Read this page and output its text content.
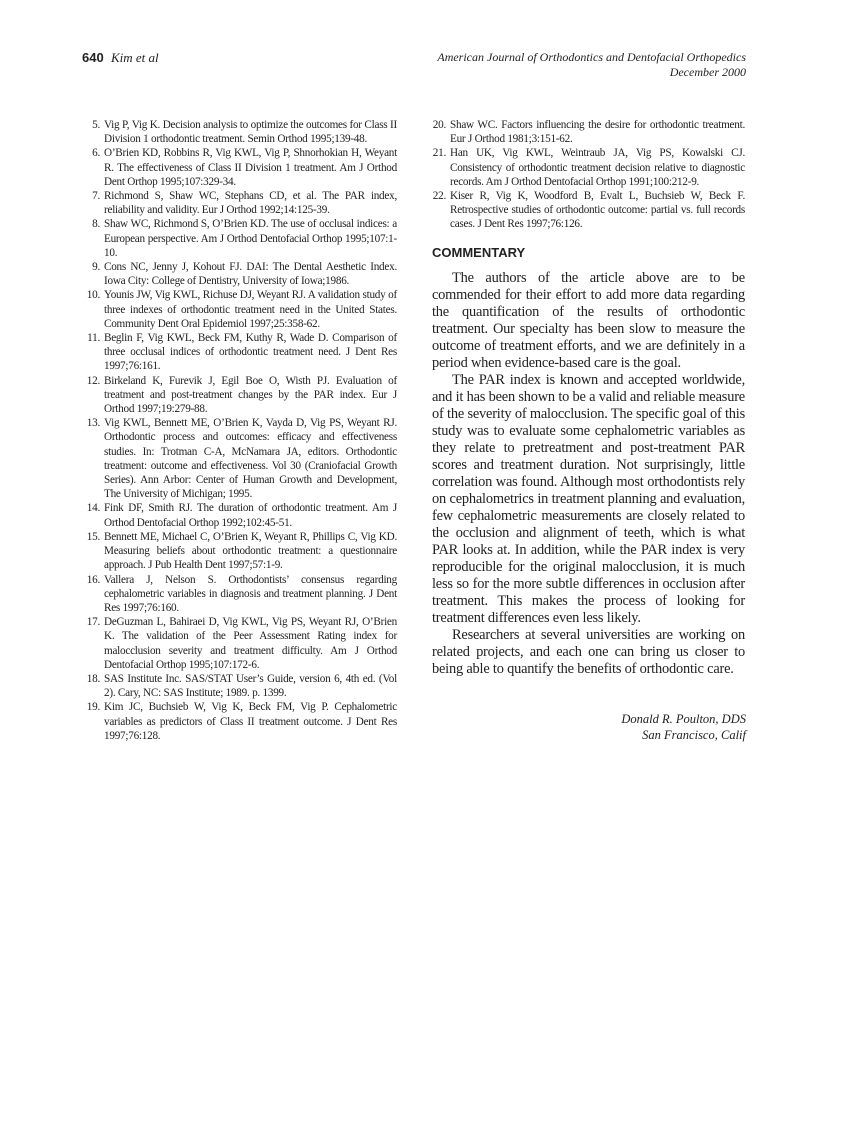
640 Kim et al	American Journal of Orthodontics and Dentofacial Orthopedics
December 2000
5. Vig P, Vig K. Decision analysis to optimize the outcomes for Class II Division 1 orthodontic treatment. Semin Orthod 1995;139-48.
6. O’Brien KD, Robbins R, Vig KWL, Vig P, Shnorhokian H, Weyant R. The effectiveness of Class II Division 1 treatment. Am J Orthod Dent Orthop 1995;107:329-34.
7. Richmond S, Shaw WC, Stephans CD, et al. The PAR index, reliability and validity. Eur J Orthod 1992;14:125-39.
8. Shaw WC, Richmond S, O’Brien KD. The use of occlusal indices: a European perspective. Am J Orthod Dentofacial Orthop 1995;107:1-10.
9. Cons NC, Jenny J, Kohout FJ. DAI: The Dental Aesthetic Index. Iowa City: College of Dentistry, University of Iowa;1986.
10. Younis JW, Vig KWL, Richuse DJ, Weyant RJ. A validation study of three indexes of orthodontic treatment need in the United States. Community Dent Oral Epidemiol 1997;25:358-62.
11. Beglin F, Vig KWL, Beck FM, Kuthy R, Wade D. Comparison of three occlusal indices of orthodontic treatment need. J Dent Res 1997;76:161.
12. Birkeland K, Furevik J, Egil Boe O, Wisth PJ. Evaluation of treatment and post-treatment changes by the PAR index. Eur J Orthod 1997;19:279-88.
13. Vig KWL, Bennett ME, O’Brien K, Vayda D, Vig PS, Weyant RJ. Orthodontic process and outcomes: efficacy and effectiveness studies. In: Trotman C-A, McNamara JA, editors. Orthodontic treatment: outcome and effectiveness. Vol 30 (Craniofacial Growth Series). Ann Arbor: Center of Human Growth and Development, The University of Michigan; 1995.
14. Fink DF, Smith RJ. The duration of orthodontic treatment. Am J Orthod Dentofacial Orthop 1992;102:45-51.
15. Bennett ME, Michael C, O’Brien K, Weyant R, Phillips C, Vig KD. Measuring beliefs about orthodontic treatment: a questionnaire approach. J Pub Health Dent 1997;57:1-9.
16. Vallera J, Nelson S. Orthodontists’ consensus regarding cephalometric variables in diagnosis and treatment planning. J Dent Res 1997;76:160.
17. DeGuzman L, Bahiraei D, Vig KWL, Vig PS, Weyant RJ, O’Brien K. The validation of the Peer Assessment Rating index for malocclusion severity and treatment difficulty. Am J Orthod Dentofacial Orthop 1995;107:172-6.
18. SAS Institute Inc. SAS/STAT User’s Guide, version 6, 4th ed. (Vol 2). Cary, NC: SAS Institute; 1989. p. 1399.
19. Kim JC, Buchsieb W, Vig K, Beck FM, Vig P. Cephalometric variables as predictors of Class II treatment outcome. J Dent Res 1997;76:128.
20. Shaw WC. Factors influencing the desire for orthodontic treatment. Eur J Orthod 1981;3:151-62.
21. Han UK, Vig KWL, Weintraub JA, Vig PS, Kowalski CJ. Consistency of orthodontic treatment decision relative to diagnostic records. Am J Orthod Dentofacial Orthop 1991;100:212-9.
22. Kiser R, Vig K, Woodford B, Evalt L, Buchsieb W, Beck F. Retrospective studies of orthodontic outcome: partial vs. full records cases. J Dent Res 1997;76:126.
COMMENTARY

The authors of the article above are to be commended for their effort to add more data regarding the quantification of the results of orthodontic treatment. Our specialty has been slow to measure the outcome of treatment efforts, and we are definitely in a period when evidence-based care is the goal.

The PAR index is known and accepted worldwide, and it has been shown to be a valid and reliable measure of the severity of malocclusion. The specific goal of this study was to evaluate some cephalometric variables as they relate to pretreatment and post-treatment PAR scores and treatment duration. Not surprisingly, little correlation was found. Although most orthodontists rely on cephalometrics in treatment planning and evaluation, few cephalometric measurements are closely related to the occlusion and alignment of teeth, which is what PAR looks at. In addition, while the PAR index is very reproducible for the original malocclusion, it is much less so for the more subtle differences in occlusion after treatment. This makes the process of looking for treatment differences even less likely.

Researchers at several universities are working on related projects, and each one can bring us closer to being able to quantify the benefits of orthodontic care.

Donald R. Poulton, DDS
San Francisco, Calif
